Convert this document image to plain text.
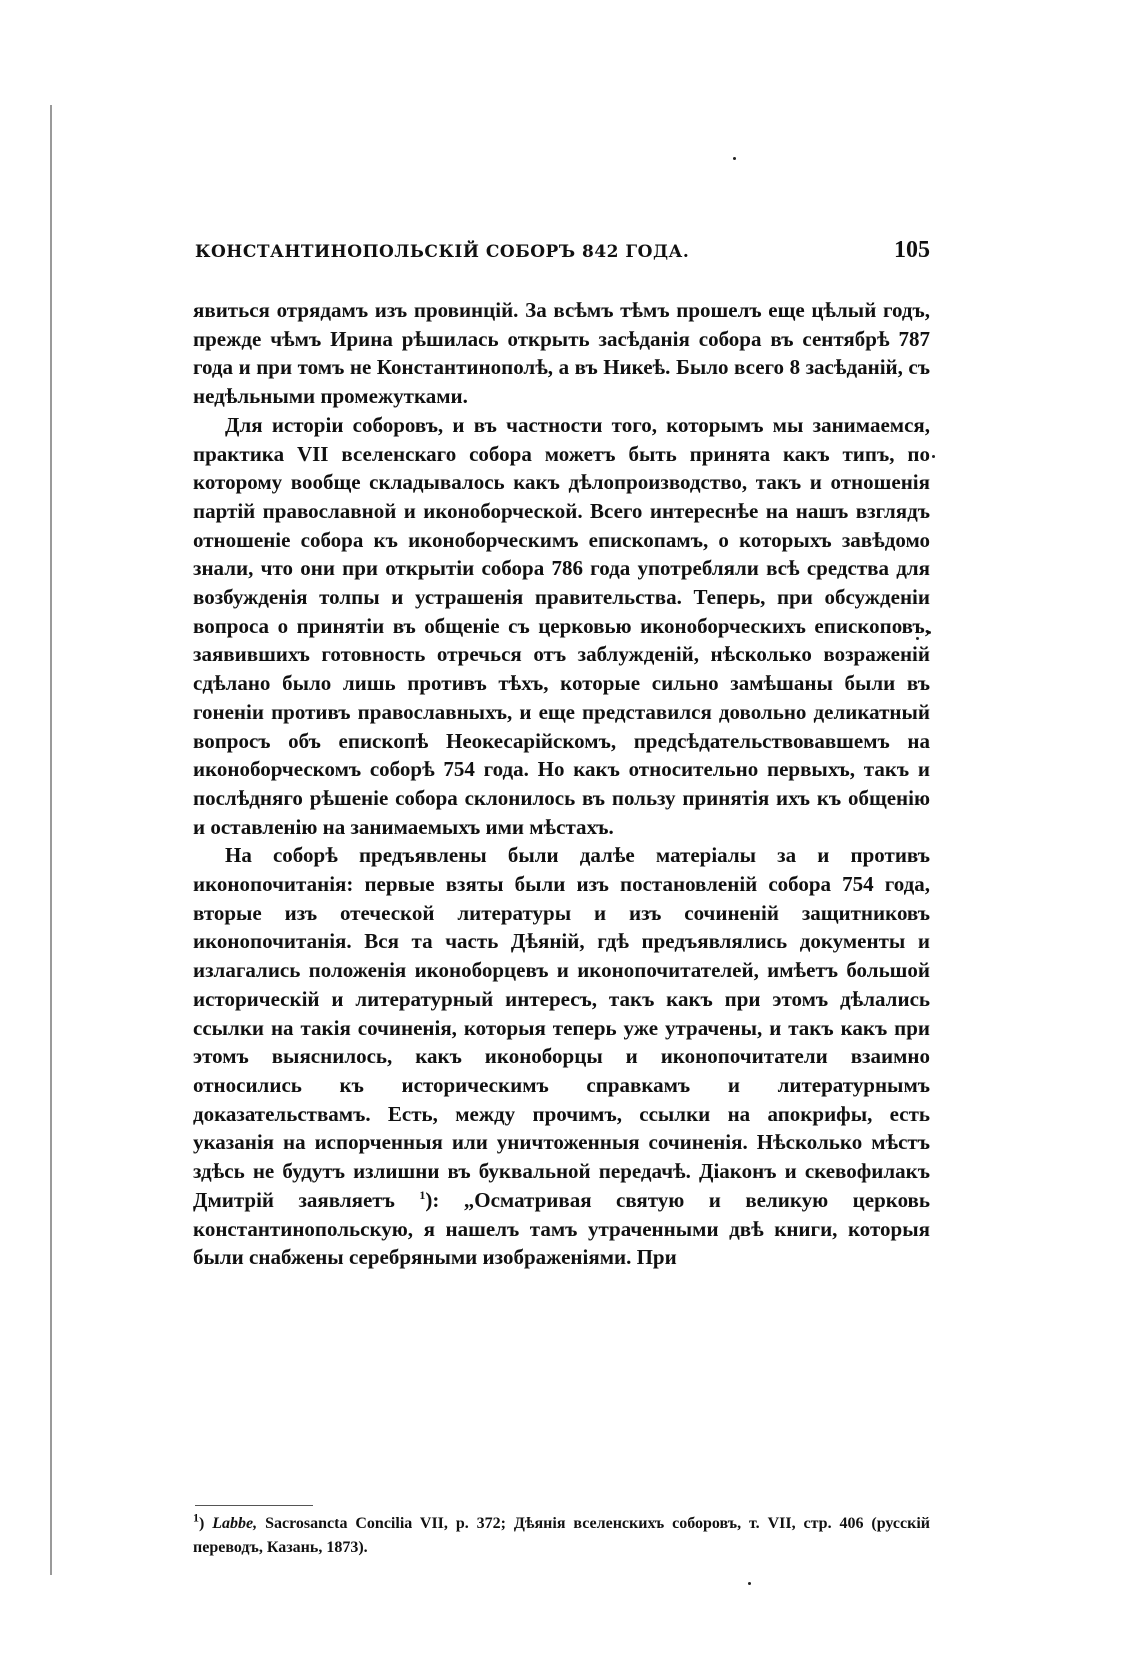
КОНСТАНТИНОПОЛЬСКІЙ СОБОРЪ 842 ГОДА.	105

явиться отрядамъ изъ провинцій. За всѣмъ тѣмъ прошелъ еще цѣлый годъ, прежде чѣмъ Ирина рѣшилась открыть засѣданія собора въ сентябрѣ 787 года и при томъ не Константинополѣ, а въ Никеѣ. Было всего 8 засѣданій, съ недѣльными промежутками.

Для исторіи соборовъ, и въ частности того, которымъ мы занимаемся, практика VII вселенскаго собора можетъ быть принята какъ типъ, по которому вообще складывалось какъ дѣлопроизводство, такъ и отношенія партій православной и иконоборческой. Всего интереснѣе на нашъ взглядъ отношеніе собора къ иконоборческимъ епископамъ, о которыхъ завѣдомо знали, что они при открытіи собора 786 года употребляли всѣ средства для возбужденія толпы и устрашенія правительства. Теперь, при обсужденіи вопроса о принятіи въ общеніе съ церковью иконоборческихъ епископовъ, заявившихъ готовность отречься отъ заблужденій, нѣсколько возраженій сдѣлано было лишь противъ тѣхъ, которые сильно замѣшаны были въ гоненіи противъ православныхъ, и еще представился довольно деликатный вопросъ объ епископѣ Неокесарійскомъ, предсѣдательствовавшемъ на иконоборческомъ соборѣ 754 года. Но какъ относительно первыхъ, такъ и послѣдняго рѣшеніе собора склонилось въ пользу принятія ихъ къ общенію и оставленію на занимаемыхъ ими мѣстахъ.

На соборѣ предъявлены были далѣе матеріалы за и противъ иконопочитанія: первые взяты были изъ постановленій собора 754 года, вторые изъ отеческой литературы и изъ сочиненій защитниковъ иконопочитанія. Вся та часть Дѣяній, гдѣ предъявлялись документы и излагались положенія иконоборцевъ и иконопочитателей, имѣетъ большой историческій и литературный интересъ, такъ какъ при этомъ дѣлались ссылки на такія сочиненія, которыя теперь уже утрачены, и такъ какъ при этомъ выяснилось, какъ иконоборцы и иконопочитатели взаимно относились къ историческимъ справкамъ и литературнымъ доказательствамъ. Есть, между прочимъ, ссылки на апокрифы, есть указанія на испорченныя или уничтоженныя сочиненія. Нѣсколько мѣстъ здѣсь не будутъ излишни въ буквальной передачѣ. Діаконъ и скевофилакъ Дмитрій заявляетъ $^1$): „Осматривая святую и великую церковь константинопольскую, я нашелъ тамъ утраченными двѣ книги, которыя были снабжены серебряными изображеніями. При

$^1$) Labbe, Sacrosancta Concilia VII, p. 372; Дѣянія вселенскихъ соборовъ, т. VII, стр. 406 (русскій переводъ, Казань, 1873).
